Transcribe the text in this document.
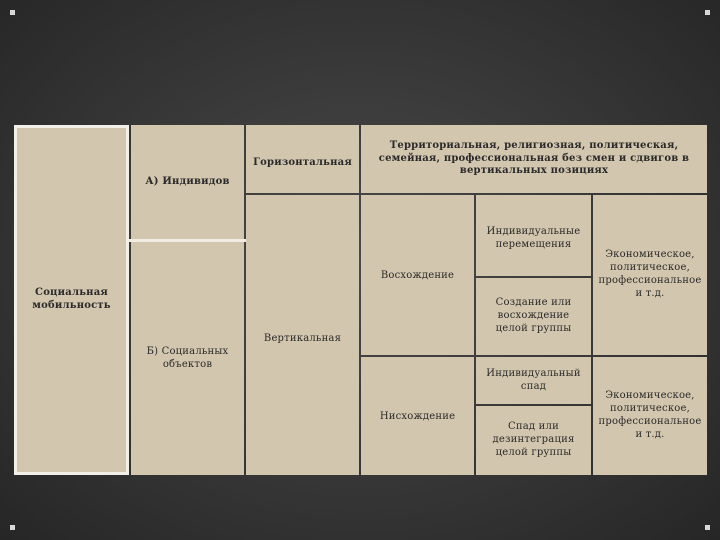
Социальная мобильность
А) Индивидов
Б) Социальных объектов
Горизонтальная
Вертикальная
Территориальная, религиозная, политическая, семейная, профессиональная без смен и сдвигов в вертикальных позициях
Восхождение
Нисхождение
Индивидуальные перемещения
Создание или восхождение целой группы
Индивидуальный спад
Спад или дезинтеграция целой группы
Экономическое, политическое, профессиональное и т.д.
Экономическое, политическое, профессиональное и т.д.
